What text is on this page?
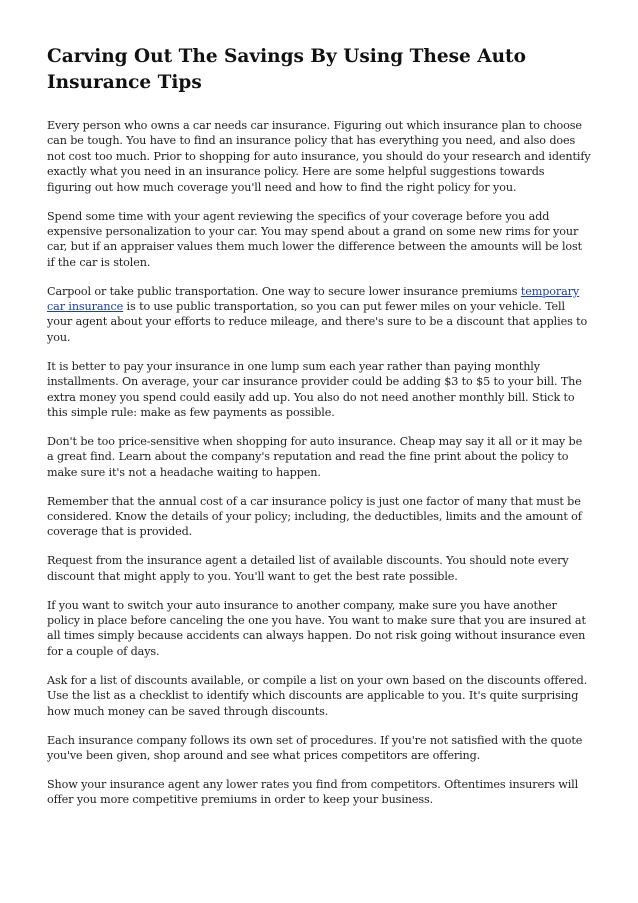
Carving Out The Savings By Using These Auto Insurance Tips

Every person who owns a car needs car insurance. Figuring out which insurance plan to choose can be tough. You have to find an insurance policy that has everything you need, and also does not cost too much. Prior to shopping for auto insurance, you should do your research and identify exactly what you need in an insurance policy. Here are some helpful suggestions towards figuring out how much coverage you'll need and how to find the right policy for you.

Spend some time with your agent reviewing the specifics of your coverage before you add expensive personalization to your car. You may spend about a grand on some new rims for your car, but if an appraiser values them much lower the difference between the amounts will be lost if the car is stolen.

Carpool or take public transportation. One way to secure lower insurance premiums temporary car insurance is to use public transportation, so you can put fewer miles on your vehicle. Tell your agent about your efforts to reduce mileage, and there's sure to be a discount that applies to you.

It is better to pay your insurance in one lump sum each year rather than paying monthly installments. On average, your car insurance provider could be adding $3 to $5 to your bill. The extra money you spend could easily add up. You also do not need another monthly bill. Stick to this simple rule: make as few payments as possible.

Don't be too price-sensitive when shopping for auto insurance. Cheap may say it all or it may be a great find. Learn about the company's reputation and read the fine print about the policy to make sure it's not a headache waiting to happen.

Remember that the annual cost of a car insurance policy is just one factor of many that must be considered. Know the details of your policy; including, the deductibles, limits and the amount of coverage that is provided.

Request from the insurance agent a detailed list of available discounts. You should note every discount that might apply to you. You'll want to get the best rate possible.

If you want to switch your auto insurance to another company, make sure you have another policy in place before canceling the one you have. You want to make sure that you are insured at all times simply because accidents can always happen. Do not risk going without insurance even for a couple of days.

Ask for a list of discounts available, or compile a list on your own based on the discounts offered. Use the list as a checklist to identify which discounts are applicable to you. It's quite surprising how much money can be saved through discounts.

Each insurance company follows its own set of procedures. If you're not satisfied with the quote you've been given, shop around and see what prices competitors are offering.

Show your insurance agent any lower rates you find from competitors. Oftentimes insurers will offer you more competitive premiums in order to keep your business.
